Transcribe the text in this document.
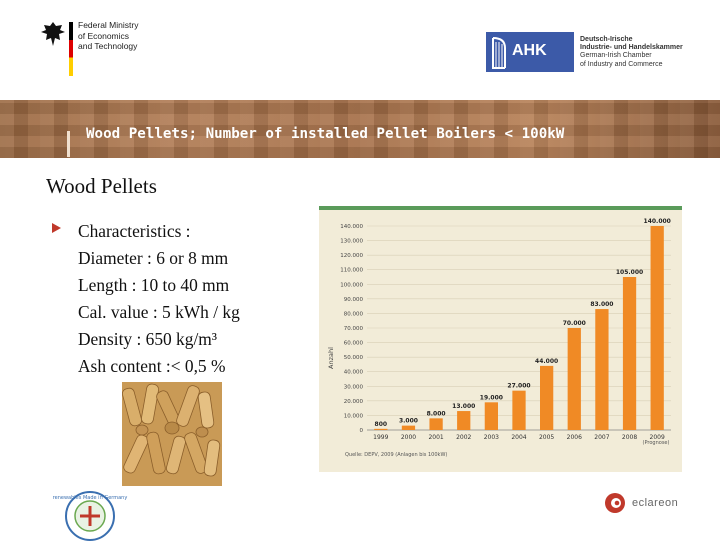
Federal Ministry
of Economics
and Technology	AHK
Deutsch-Irische
Industrie- und Handelskammer
German-Irish Chamber
of Industry and Commerce
Wood Pellets; Number of installed Pellet Boilers < 100kW
Wood Pellets
Characteristics :
Diameter : 6 or 8 mm
Length : 10 to 40 mm
Cal. value : 5 kWh / kg
Density : 650 kg/m³
Ash content :< 0,5 %
renewables Made in Germany
0
10.000
20.000
30.000
40.000
50.000
60.000
70.000
80.000
90.000
100.000
110.000
120.000
130.000
140.000
800
1999
3.000
2000
8.000
2001
13.000
2002
19.000
2003
27.000
2004
44.000
2005
70.000
2006
83.000
2007
105.000
2008
140.000
2009
Anzahl
(Prognose)
Quelle: DEPV, 2009 (Anlagen bis 100kW)
eclareon
